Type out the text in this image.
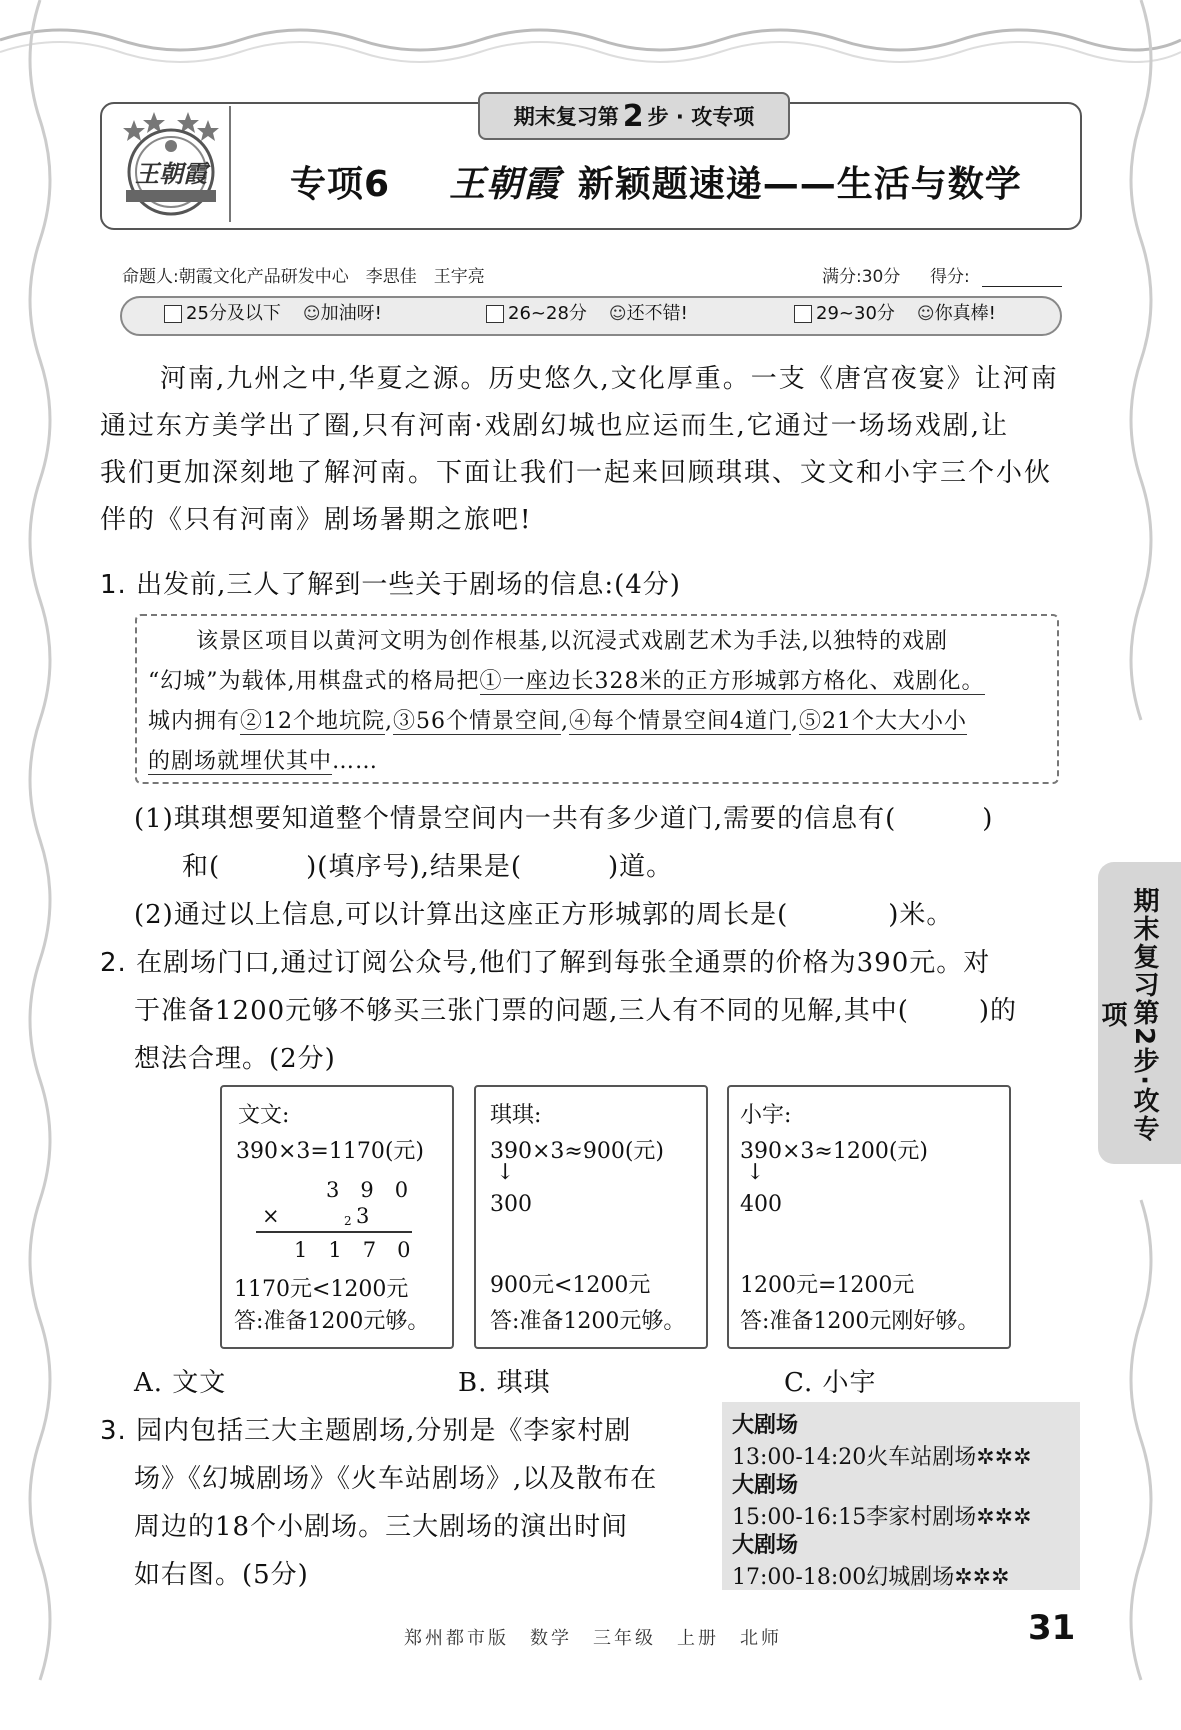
期末复习第 2 步 · 攻专项
王朝霞 专项6 王朝霞 新颖题速递——生活与数学
命题人:朝霞文化产品研发中心　李思佳　王宇亮	满分:30分 得分:
25分及以下 ☺ 加油呀!	26~28分 ☺ 还不错!	29~30分 ☺ 你真棒!
河南,九州之中,华夏之源。历史悠久,文化厚重。一支《唐宫夜宴》让河南
通过东方美学出了圈,只有河南·戏剧幻城也应运而生,它通过一场场戏剧,让
我们更加深刻地了解河南。下面让我们一起来回顾琪琪、文文和小宇三个小伙
伴的《只有河南》剧场暑期之旅吧!
1. 出发前,三人了解到一些关于剧场的信息:(4分)
该景区项目以黄河文明为创作根基,以沉浸式戏剧艺术为手法,以独特的戏剧
“幻城”为载体,用棋盘式的格局把①一座边长328米的正方形城郭方格化、戏剧化。
城内拥有②12个地坑院,③56个情景空间,④每个情景空间4道门,⑤21个大大小小
的剧场就埋伏其中……
(1)琪琪想要知道整个情景空间内一共有多少道门,需要的信息有(	)
和(	)(填序号),结果是(	)道。
(2)通过以上信息,可以计算出这座正方形城郭的周长是(	)米。
2. 在剧场门口,通过订阅公众号,他们了解到每张全通票的价格为390元。对
于准备1200元够不够买三张门票的问题,三人有不同的见解,其中(	)的
想法合理。(2分)
文文:
390×3=1170(元)
3　9　0
×	2 3
1　1　7　0
1170元<1200元
答:准备1200元够。
琪琪:
390×3≈900(元)
↓
300
900元<1200元
答:准备1200元够。
小宇:
390×3≈1200(元)
↓
400
1200元=1200元
答:准备1200元刚好够。
A. 文文	B. 琪琪	C. 小宇
3. 园内包括三大主题剧场,分别是《李家村剧
场》《幻城剧场》《火车站剧场》,以及散布在
周边的18个小剧场。三大剧场的演出时间
如右图。(5分)
大剧场
13:00-14:20火车站剧场✲✲✲
大剧场
15:00-16:15李家村剧场✲✲✲
大剧场
17:00-18:00幻城剧场✲✲✲
期末复习第2步·攻专项
郑州都市版　数学　三年级　上册　北师	31
